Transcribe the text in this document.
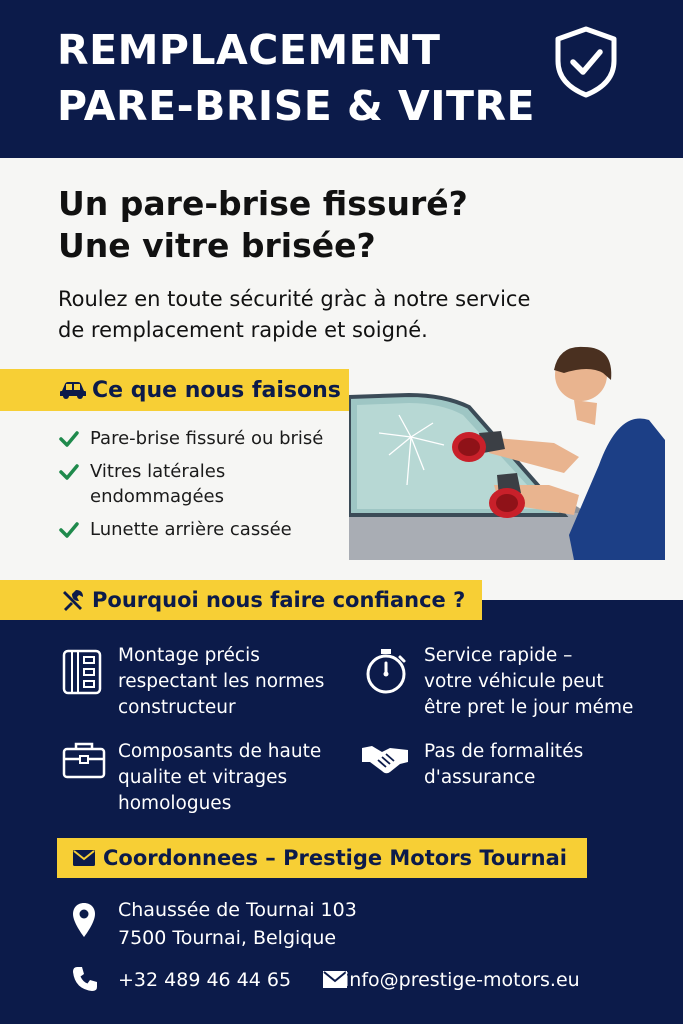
REMPLACEMENT
PARE-BRISE & VITRE
Un pare-brise fissuré?
Une vitre brisée?
Roulez en toute sécurité gràc à notre service
de remplacement rapide et soigné.
Ce que nous faisons
Pare-brise fissuré ou brisé
Vitres latérales
endommagées
Lunette arrière cassée
Pourquoi nous faire confiance ?
Montage précis
respectant les normes
constructeur
Service rapide –
votre véhicule peut
être pret le jour méme
Composants de haute
qualite et vitrages
homologues
Pas de formalités
d'assurance
Coordonnees – Prestige Motors Tournai
Chaussée de Tournai 103
7500 Tournai, Belgique
+32 489 46 44 65	info@prestige-motors.eu
